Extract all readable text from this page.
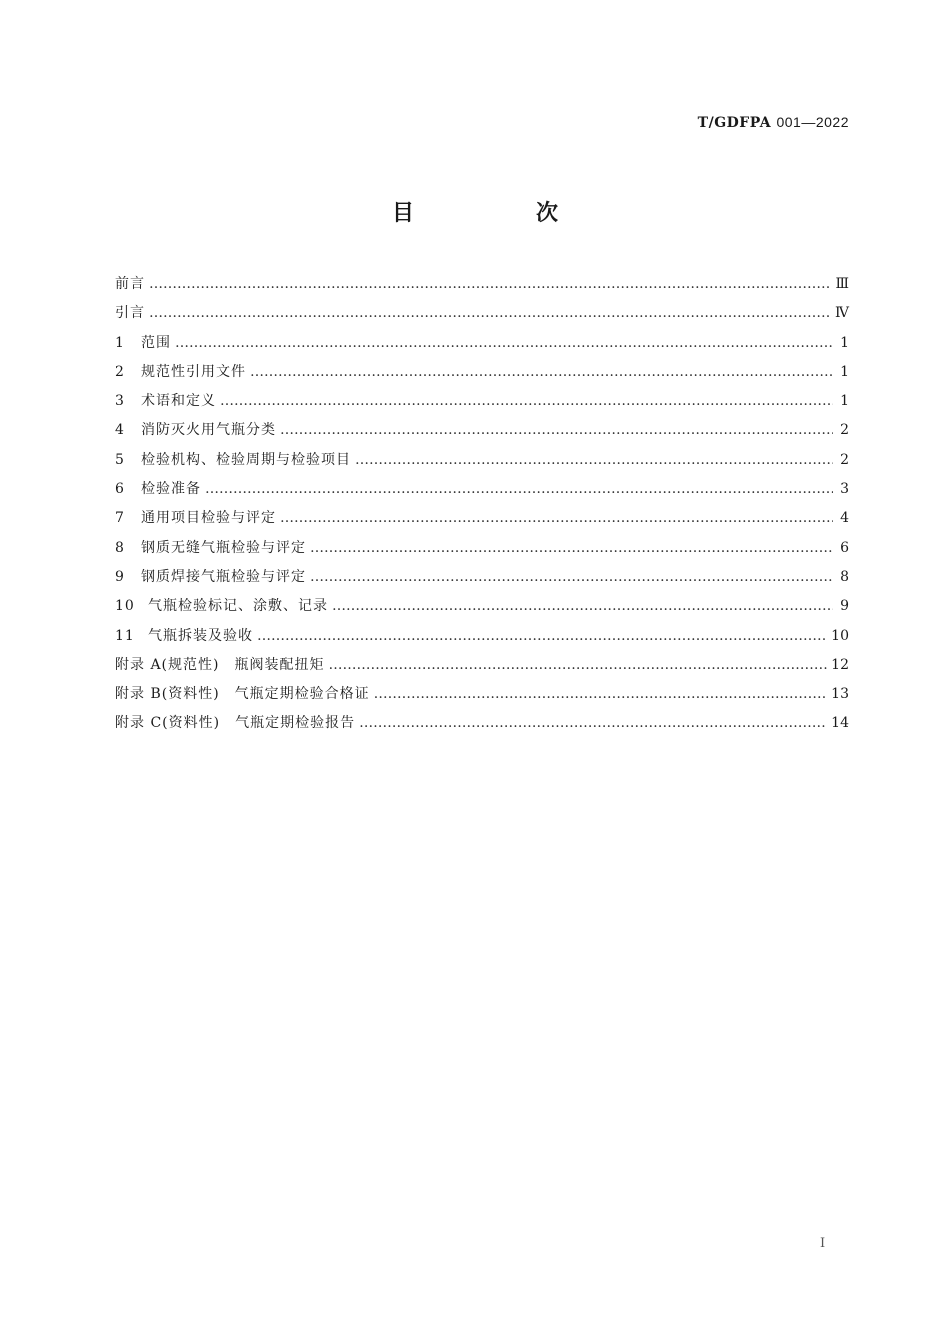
T/GDFPA 001—2022
目　次
前言 ………………………………………………………………………………………………………………………………………………………………………………………………	Ⅲ
引言 ………………………………………………………………………………………………………………………………………………………………………………………………	Ⅳ
1	范围 ………………………………………………………………………………………………………………………………………………………………………………………………	1
2	规范性引用文件 ………………………………………………………………………………………………………………………………………………………………………………………………	1
3	术语和定义 ………………………………………………………………………………………………………………………………………………………………………………………………	1
4	消防灭火用气瓶分类 ………………………………………………………………………………………………………………………………………………………………………………………………	2
5	检验机构、检验周期与检验项目 ………………………………………………………………………………………………………………………………………………………………………………………………	2
6	检验准备 ………………………………………………………………………………………………………………………………………………………………………………………………	3
7	通用项目检验与评定 ………………………………………………………………………………………………………………………………………………………………………………………………	4
8	钢质无缝气瓶检验与评定 ………………………………………………………………………………………………………………………………………………………………………………………………	6
9	钢质焊接气瓶检验与评定 ………………………………………………………………………………………………………………………………………………………………………………………………	8
10 气瓶检验标记、涂敷、记录 ………………………………………………………………………………………………………………………………………………………………………………………………	9
11 气瓶拆装及验收 ………………………………………………………………………………………………………………………………………………………………………………………………	10
附录 A(规范性)　瓶阀装配扭矩 ………………………………………………………………………………………………………………………………………………………………………………………………	12
附录 B(资料性)　气瓶定期检验合格证 ………………………………………………………………………………………………………………………………………………………………………………………………	13
附录 C(资料性)　气瓶定期检验报告 ………………………………………………………………………………………………………………………………………………………………………………………………	14
Ⅰ
